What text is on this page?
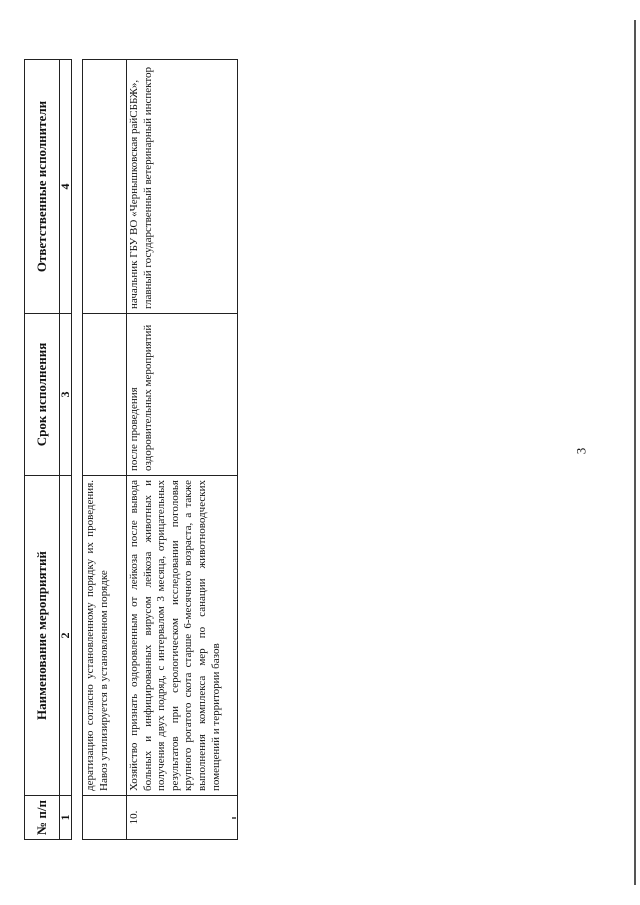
№ п/п	Наименование мероприятий	Срок исполнения	Ответственные исполнители
1	2	3	4

	дератизацию согласно установленному порядку их проведения. Навоз утилизируется в установленном порядке		
10.	Хозяйство признать оздоровленным от лейкоза после вывода больных и инфицированных вирусом лейкоза животных и получения двух подряд, с интервалом 3 месяца, отрицательных результатов при серологическом исследовании поголовья крупного рогатого скота старше 6-месячного возраста, а также выполнения комплекса мер по санации животноводческих помещений и территории базов	после проведения оздоровительных мероприятий	начальник ГБУ ВО «Чернышковская райСББЖ», главный государственный ветеринарный инспектор
3
